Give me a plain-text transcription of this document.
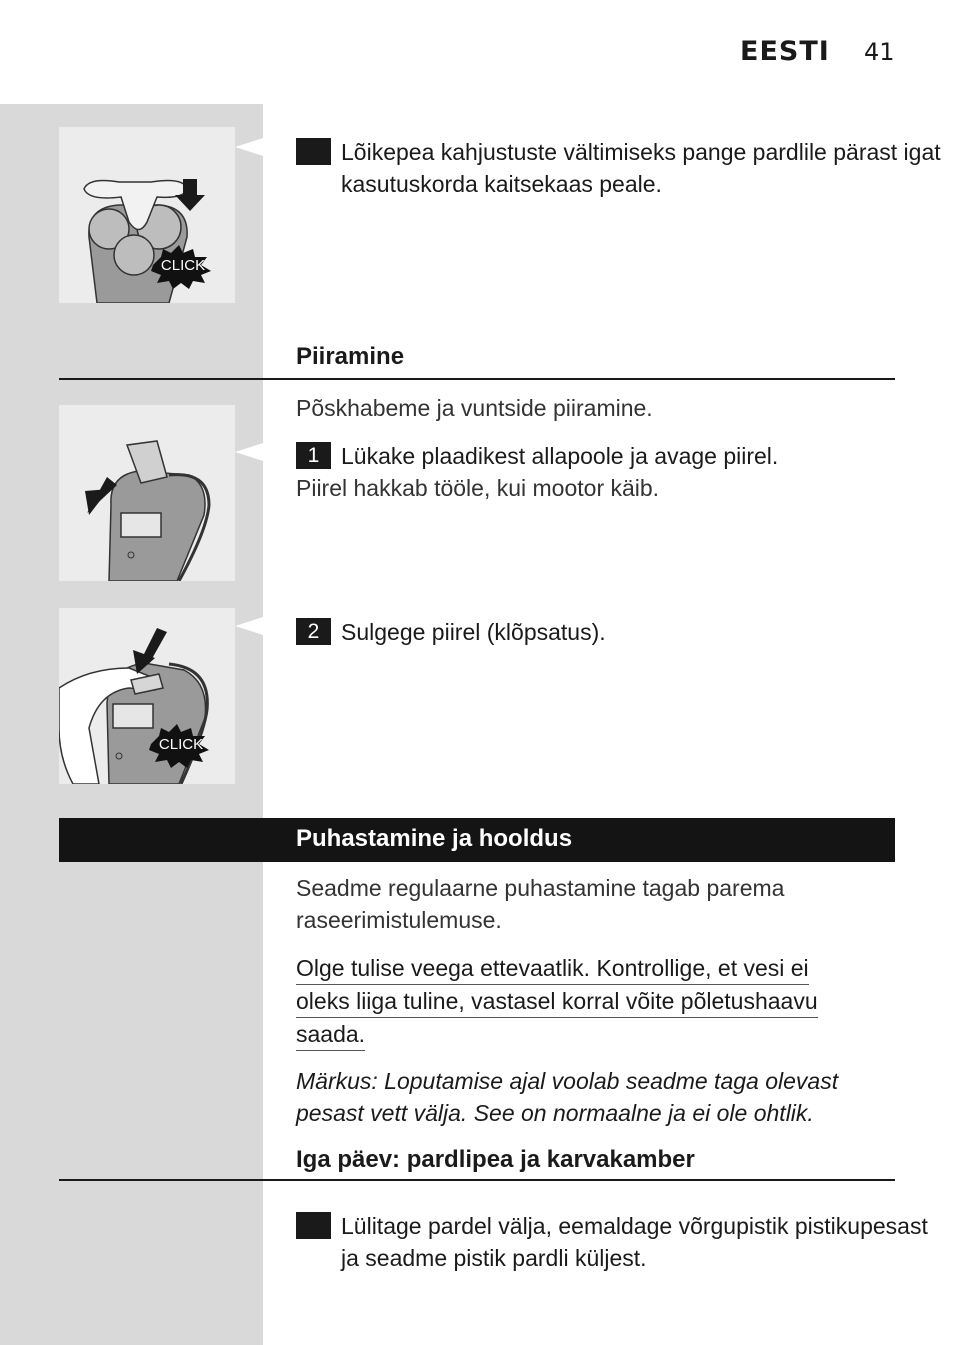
EESTI 41
CLICK
5 Lõikepea kahjustuste vältimiseks pange pardlile pärast igat kasutuskorda kaitsekaas peale.
Piiramine
Põskhabeme ja vuntside piiramine.
1 Lükake plaadikest allapoole ja avage piirel.
Piirel hakkab tööle, kui mootor käib.
CLICK
2 Sulgege piirel (klõpsatus).
Puhastamine ja hooldus
Seadme regulaarne puhastamine tagab parema raseerimistulemuse.
Olge tulise veega ettevaatlik. Kontrollige, et vesi ei
oleks liiga tuline, vastasel korral võite põletushaavu
saada.
Märkus: Loputamise ajal voolab seadme taga olevast pesast vett välja. See on normaalne ja ei ole ohtlik.
Iga päev: pardlipea ja karvakamber
1 Lülitage pardel välja, eemaldage võrgupistik pistikupesast ja seadme pistik pardli küljest.
